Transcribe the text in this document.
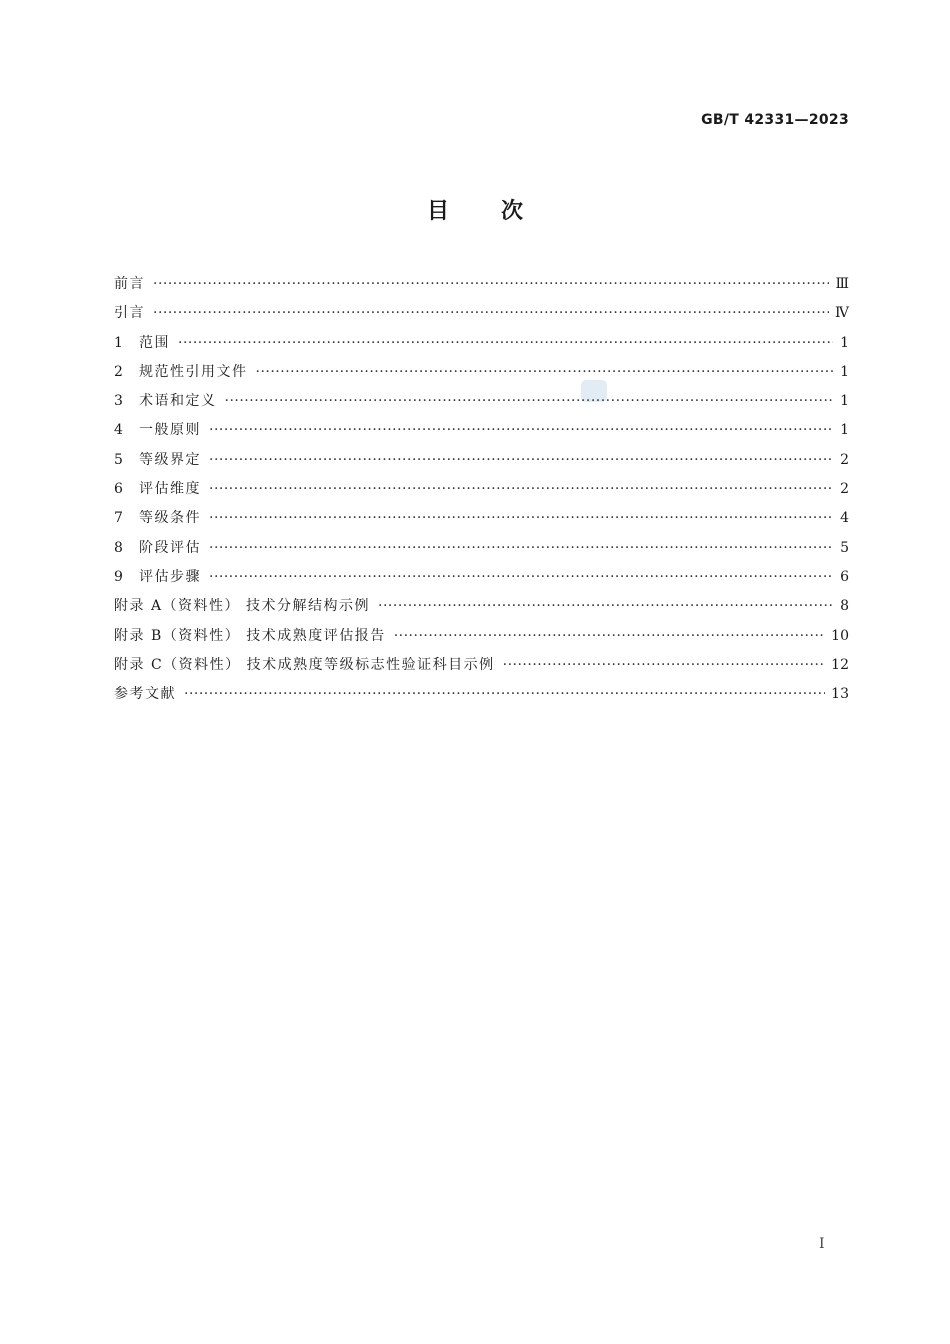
GB/T 42331—2023
目次
前言 ·····	Ⅲ
引言 ·····	Ⅳ
1	范围 ·····	1
2	规范性引用文件 ·····	1
3	术语和定义 ·····	1
4	一般原则 ·····	1
5	等级界定 ·····	2
6	评估维度 ·····	2
7	等级条件 ·····	4
8	阶段评估 ·····	5
9	评估步骤 ·····	6
附录 A（资料性） 技术分解结构示例 ·····	8
附录 B（资料性） 技术成熟度评估报告 ·····	10
附录 C（资料性） 技术成熟度等级标志性验证科目示例 ·····	12
参考文献 ·····	13
I
